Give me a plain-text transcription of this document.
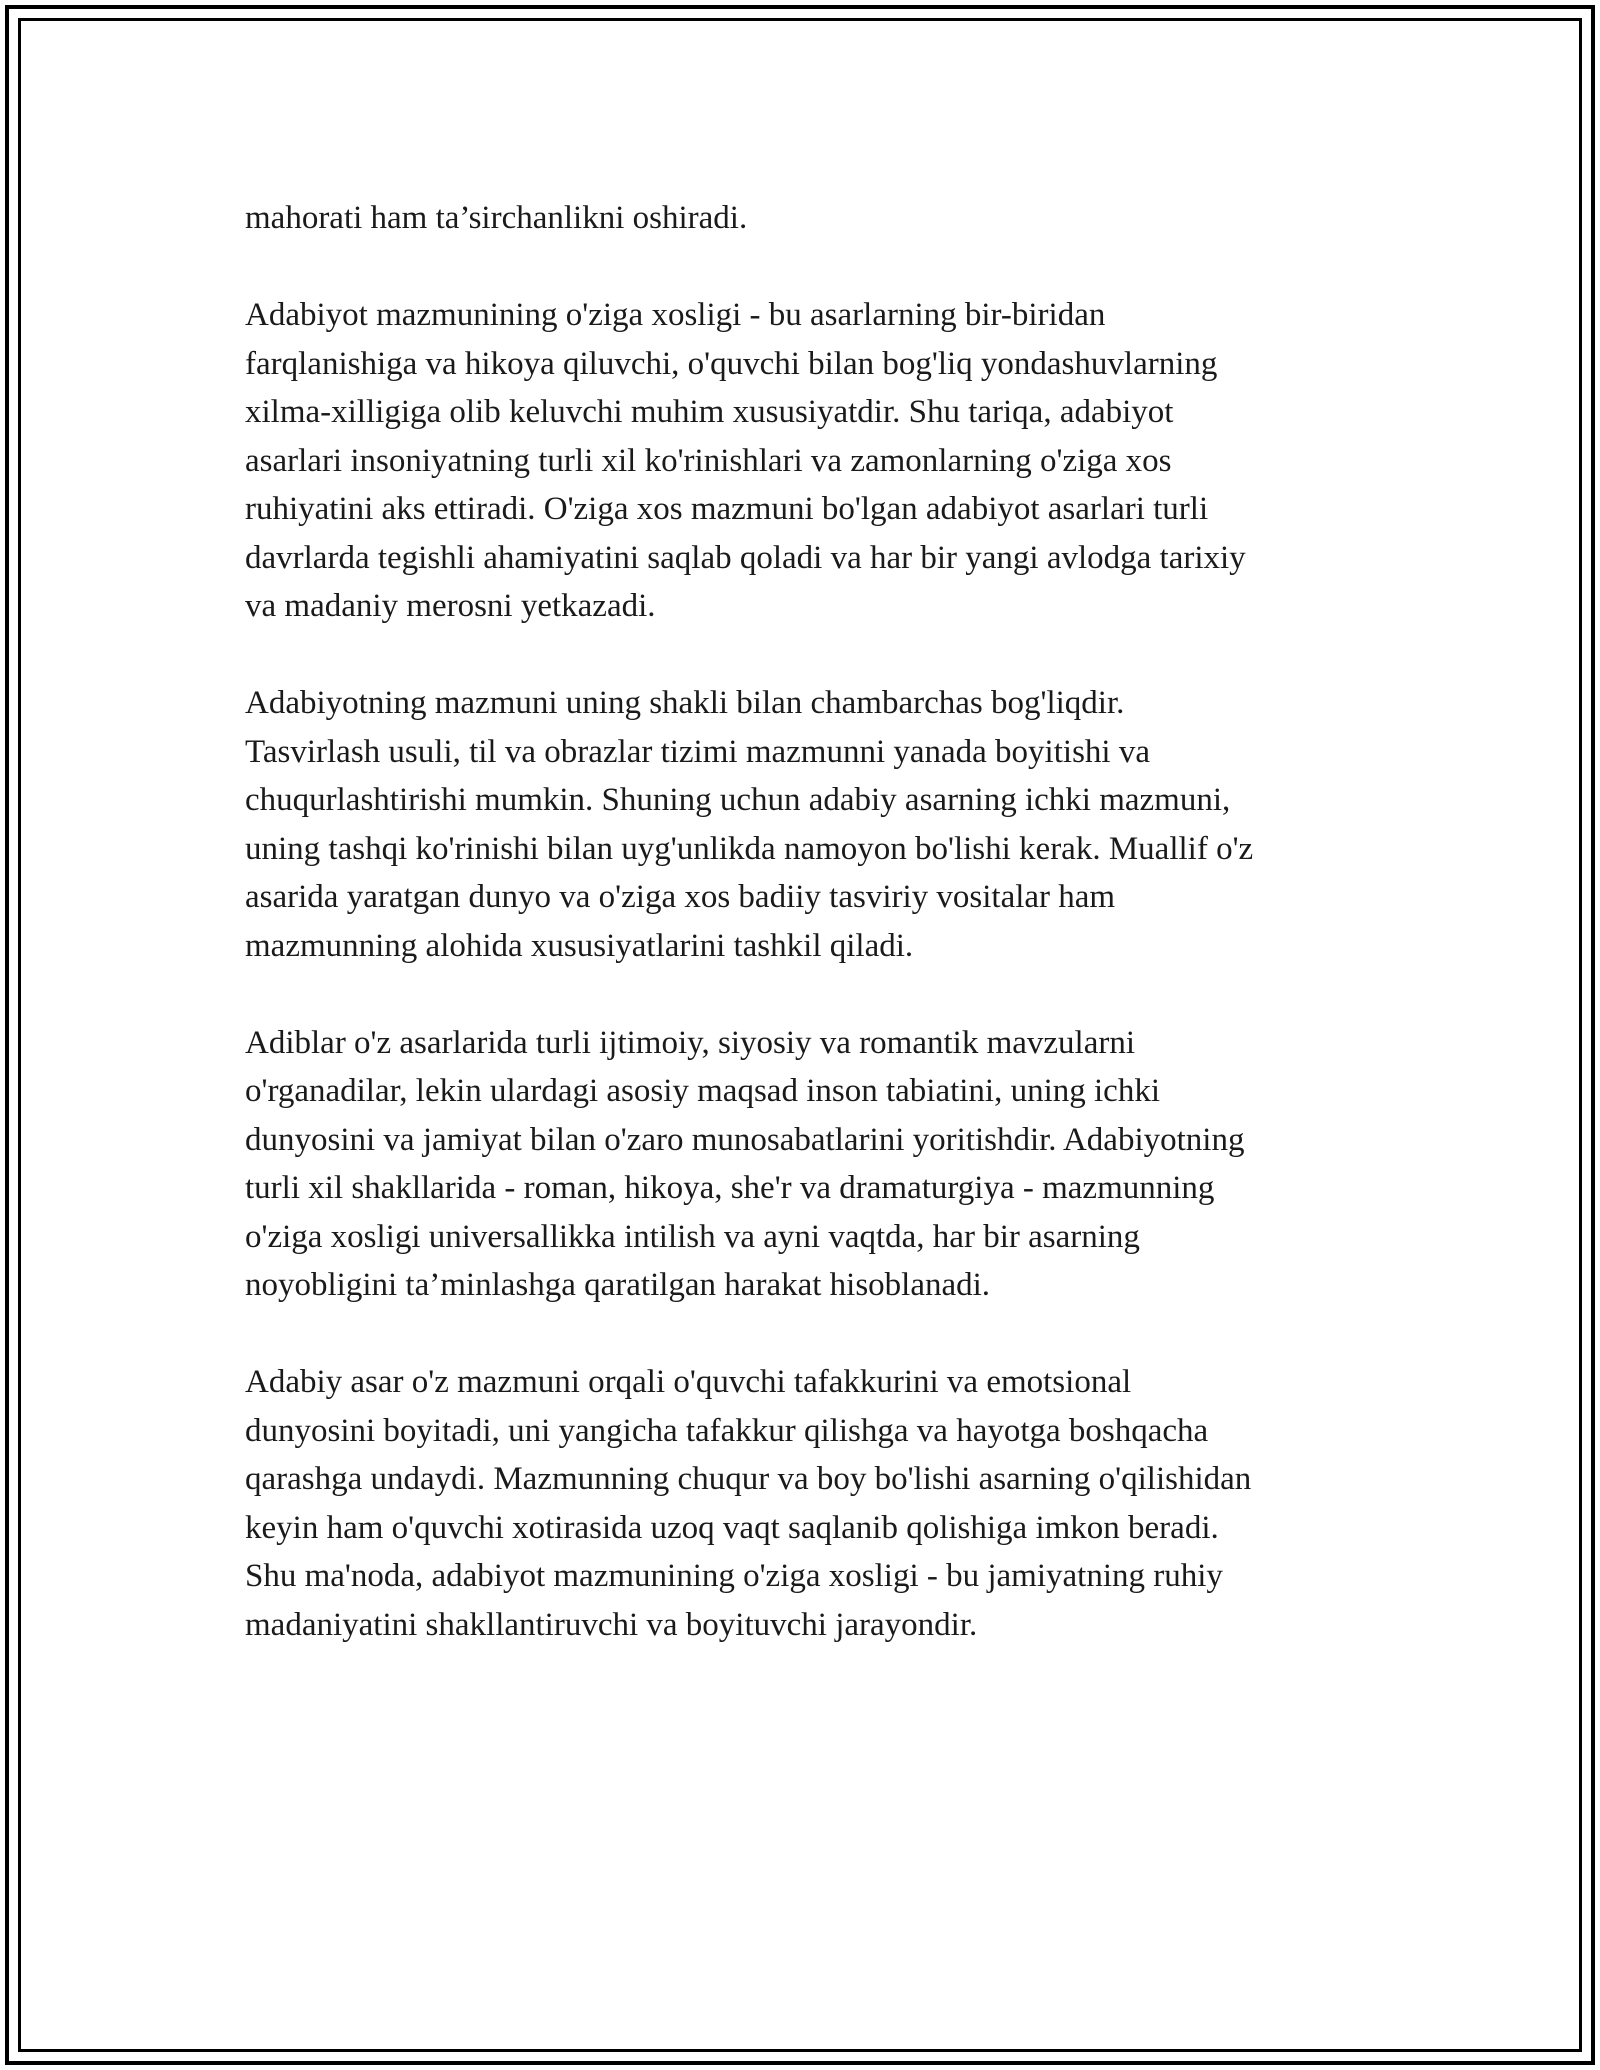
mahorati ham ta’sirchanlikni oshiradi.

Adabiyot mazmunining o'ziga xosligi - bu asarlarning bir-biridan
farqlanishiga va hikoya qiluvchi, o'quvchi bilan bog'liq yondashuvlarning
xilma-xilligiga olib keluvchi muhim xususiyatdir. Shu tariqa, adabiyot
asarlari insoniyatning turli xil ko'rinishlari va zamonlarning o'ziga xos
ruhiyatini aks ettiradi. O'ziga xos mazmuni bo'lgan adabiyot asarlari turli
davrlarda tegishli ahamiyatini saqlab qoladi va har bir yangi avlodga tarixiy
va madaniy merosni yetkazadi.

Adabiyotning mazmuni uning shakli bilan chambarchas bog'liqdir.
Tasvirlash usuli, til va obrazlar tizimi mazmunni yanada boyitishi va
chuqurlashtirishi mumkin. Shuning uchun adabiy asarning ichki mazmuni,
uning tashqi ko'rinishi bilan uyg'unlikda namoyon bo'lishi kerak. Muallif o'z
asarida yaratgan dunyo va o'ziga xos badiiy tasviriy vositalar ham
mazmunning alohida xususiyatlarini tashkil qiladi.

Adiblar o'z asarlarida turli ijtimoiy, siyosiy va romantik mavzularni
o'rganadilar, lekin ulardagi asosiy maqsad inson tabiatini, uning ichki
dunyosini va jamiyat bilan o'zaro munosabatlarini yoritishdir. Adabiyotning
turli xil shakllarida - roman, hikoya, she'r va dramaturgiya - mazmunning
o'ziga xosligi universallikka intilish va ayni vaqtda, har bir asarning
noyobligini ta’minlashga qaratilgan harakat hisoblanadi.

Adabiy asar o'z mazmuni orqali o'quvchi tafakkurini va emotsional
dunyosini boyitadi, uni yangicha tafakkur qilishga va hayotga boshqacha
qarashga undaydi. Mazmunning chuqur va boy bo'lishi asarning o'qilishidan
keyin ham o'quvchi xotirasida uzoq vaqt saqlanib qolishiga imkon beradi.
Shu ma'noda, adabiyot mazmunining o'ziga xosligi - bu jamiyatning ruhiy
madaniyatini shakllantiruvchi va boyituvchi jarayondir.
